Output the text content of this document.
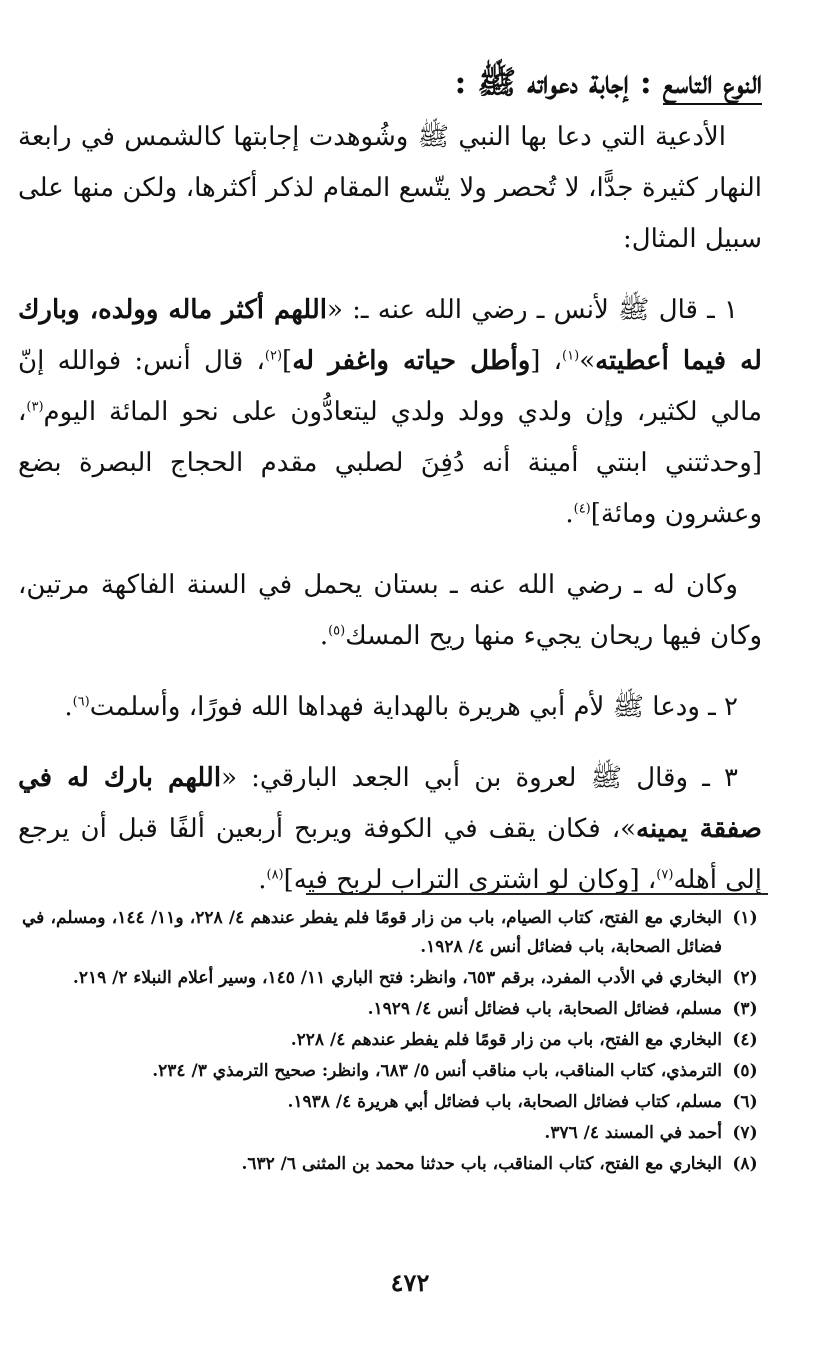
النوع التاسع : إجابة دعواته ﷺ :

الأدعية التي دعا بها النبي ﷺ وشُوهدت إجابتها كالشمس في رابعة النهار كثيرة جدًّا، لا تُحصر ولا يتّسع المقام لذكر أكثرها، ولكن منها على سبيل المثال:

١ ـ قال ﷺ لأنس ـ رضي الله عنه ـ: «اللهم أكثر ماله وولده، وبارك له فيما أعطيته»$^{(١)}$، [وأطل حياته واغفر له]$^{(٢)}$، قال أنس: فوالله إنّ مالي لكثير، وإن ولدي وولد ولدي ليتعادُّون على نحو المائة اليوم$^{(٣)}$، [وحدثتني ابنتي أمينة أنه دُفِنَ لصلبي مقدم الحجاج البصرة بضع وعشرون ومائة]$^{(٤)}$.

وكان له ـ رضي الله عنه ـ بستان يحمل في السنة الفاكهة مرتين، وكان فيها ريحان يجيء منها ريح المسك$^{(٥)}$.

٢ ـ ودعا ﷺ لأم أبي هريرة بالهداية فهداها الله فورًا، وأسلمت$^{(٦)}$.

٣ ـ وقال ﷺ لعروة بن أبي الجعد البارقي: «اللهم بارك له في صفقة يمينه»، فكان يقف في الكوفة ويربح أربعين ألفًا قبل أن يرجع إلى أهله$^{(٧)}$، [وكان لو اشترى التراب لربح فيه]$^{(٨)}$.

(١)
البخاري مع الفتح، كتاب الصيام، باب من زار قومًا فلم يفطر عندهم ٤/ ٢٢٨، و١١/ ١٤٤، ومسلم، في فضائل الصحابة، باب فضائل أنس ٤/ ١٩٢٨.
(٢)
البخاري في الأدب المفرد، برقم ٦٥٣، وانظر: فتح الباري ١١/ ١٤٥، وسير أعلام النبلاء ٢/ ٢١٩.
(٣)
مسلم، فضائل الصحابة، باب فضائل أنس ٤/ ١٩٢٩.
(٤)
البخاري مع الفتح، باب من زار قومًا فلم يفطر عندهم ٤/ ٢٢٨.
(٥)
الترمذي، كتاب المناقب، باب مناقب أنس ٥/ ٦٨٣، وانظر: صحيح الترمذي ٣/ ٢٣٤.
(٦)
مسلم، كتاب فضائل الصحابة، باب فضائل أبي هريرة ٤/ ١٩٣٨.
(٧)
أحمد في المسند ٤/ ٣٧٦.
(٨)
البخاري مع الفتح، كتاب المناقب، باب حدثنا محمد بن المثنى ٦/ ٦٣٢.
٤٧٢
